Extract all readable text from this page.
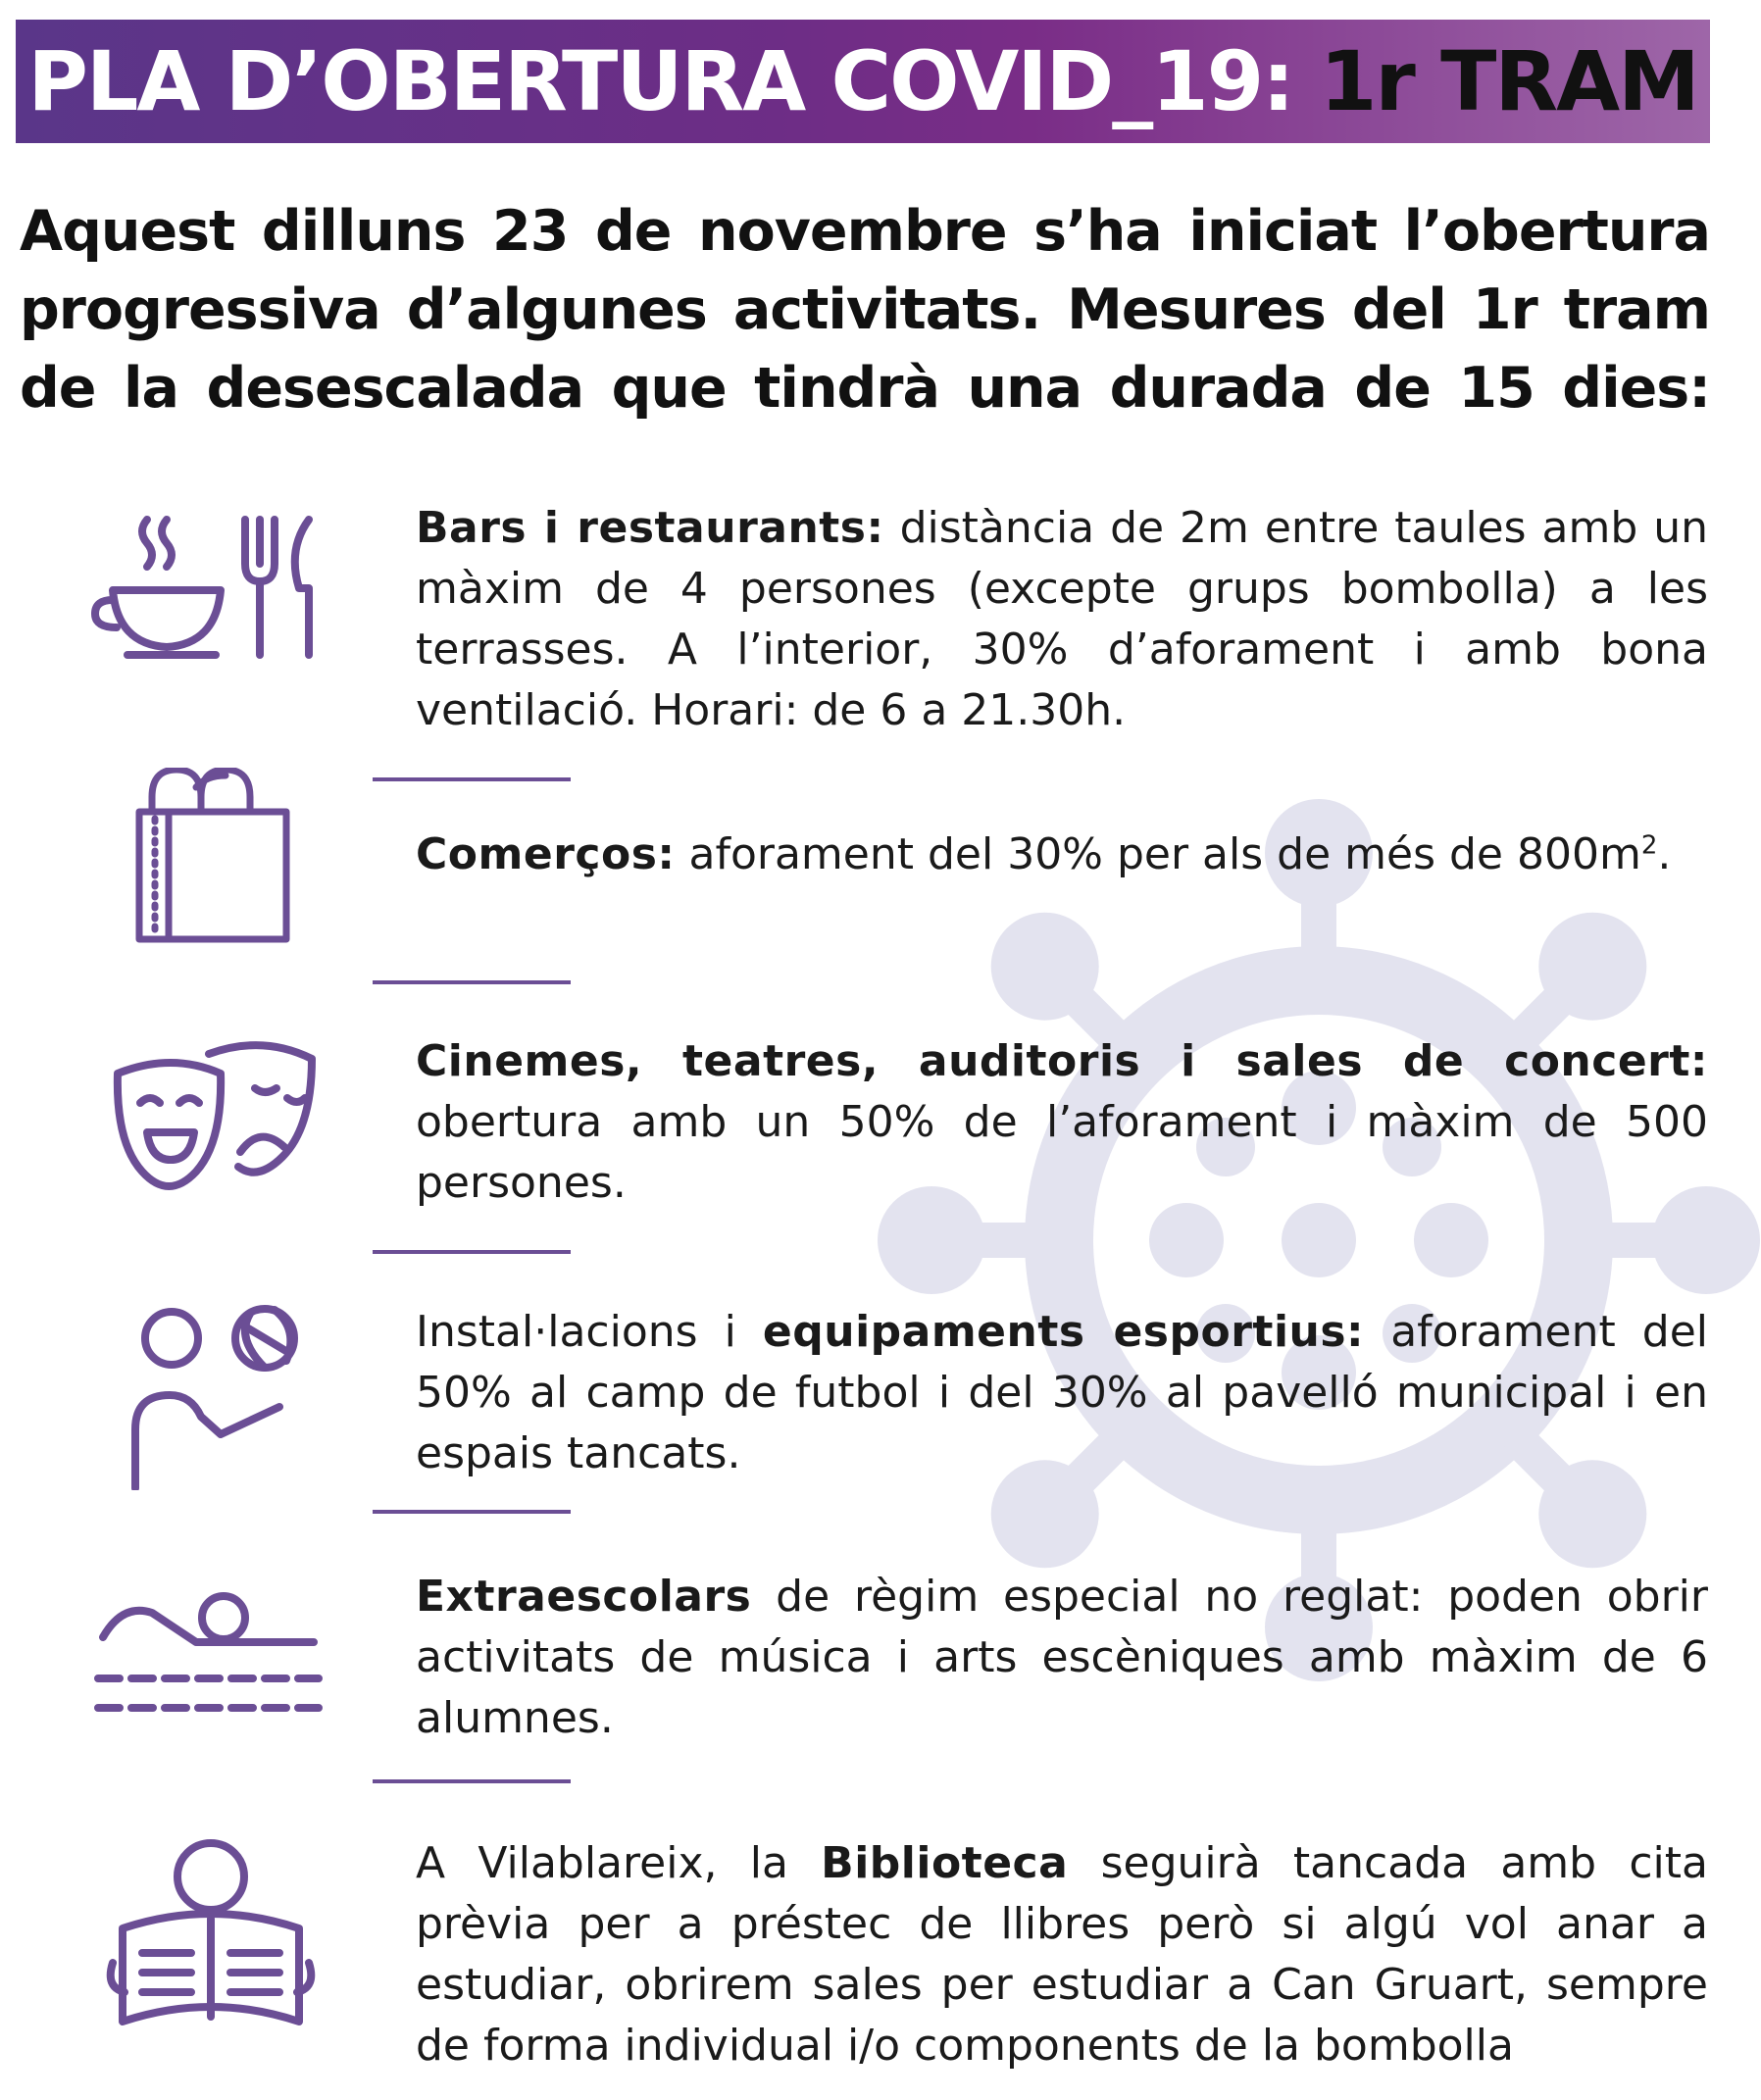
PLA D’OBERTURA COVID_19: 1r TRAM
Aquest dilluns 23 de novembre s’ha iniciat l’obertura progressiva d’algunes activitats. Mesures del 1r tram de la desescalada que tindrà una durada de 15 dies:
Bars i restaurants: distància de 2m entre taules amb un màxim de 4 persones (excepte grups bombolla) a les terrasses. A l’interior, 30% d’aforament i amb bona ventilació. Horari: de 6 a 21.30h.
Comerços: aforament del 30% per als de més de $800m^2$.
Cinemes, teatres, auditoris i sales de concert: obertura amb un 50% de l’aforament i màxim de 500 persones.
Instal·lacions i equipaments esportius: aforament del 50% al camp de futbol i del 30% al pavelló municipal i en espais tancats.
Extraescolars de règim especial no reglat: poden obrir activitats de música i arts escèniques amb màxim de 6 alumnes.
A Vilablareix, la Biblioteca seguirà tancada amb cita prèvia per a préstec de llibres però si algú vol anar a estudiar, obrirem sales per estudiar a Can Gruart, sempre de forma individual i/o components de la bombolla
